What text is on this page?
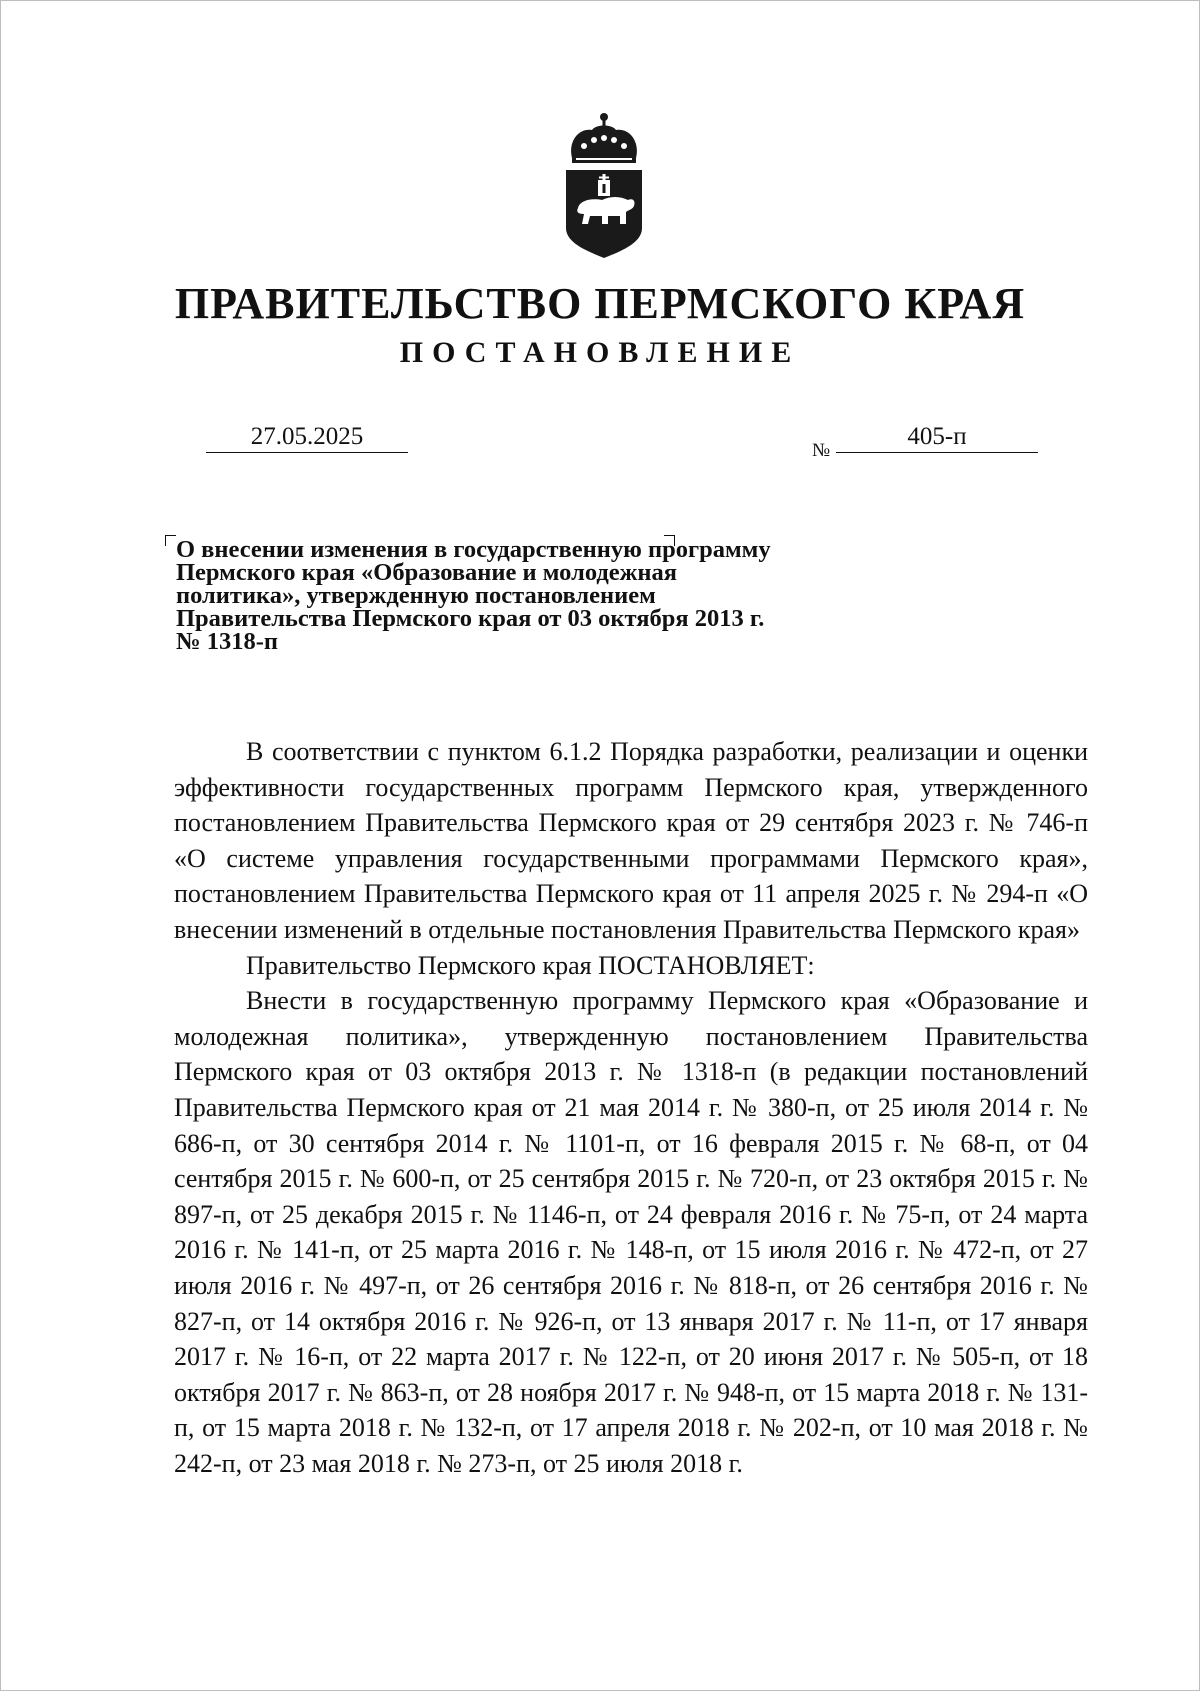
ПРАВИТЕЛЬСТВО ПЕРМСКОГО КРАЯ
ПОСТАНОВЛЕНИЕ
27.05.2025
№
405-п

О внесении изменения в государственную программу Пермского края «Образование и молодежная политика», утвержденную постановлением Правительства Пермского края от 03 октября 2013 г. № 1318-п

В соответствии с пунктом 6.1.2 Порядка разработки, реализации и оценки эффективности государственных программ Пермского края, утвержденного постановлением Правительства Пермского края от 29 сентября 2023 г. № 746-п «О системе управления государственными программами Пермского края», постановлением Правительства Пермского края от 11 апреля 2025 г. № 294-п «О внесении изменений в отдельные постановления Правительства Пермского края»

Правительство Пермского края ПОСТАНОВЛЯЕТ:

Внести в государственную программу Пермского края «Образование и молодежная политика», утвержденную постановлением Правительства Пермского края от 03 октября 2013 г. № 1318-п (в редакции постановлений Правительства Пермского края от 21 мая 2014 г. № 380-п, от 25 июля 2014 г. № 686-п, от 30 сентября 2014 г. № 1101-п, от 16 февраля 2015 г. № 68-п, от 04 сентября 2015 г. № 600-п, от 25 сентября 2015 г. № 720-п, от 23 октября 2015 г. № 897-п, от 25 декабря 2015 г. № 1146-п, от 24 февраля 2016 г. № 75-п, от 24 марта 2016 г. № 141-п, от 25 марта 2016 г. № 148-п, от 15 июля 2016 г. № 472-п, от 27 июля 2016 г. № 497-п, от 26 сентября 2016 г. № 818-п, от 26 сентября 2016 г. № 827-п, от 14 октября 2016 г. № 926-п, от 13 января 2017 г. № 11-п, от 17 января 2017 г. № 16-п, от 22 марта 2017 г. № 122-п, от 20 июня 2017 г. № 505-п, от 18 октября 2017 г. № 863-п, от 28 ноября 2017 г. № 948-п, от 15 марта 2018 г. № 131-п, от 15 марта 2018 г. № 132-п, от 17 апреля 2018 г. № 202-п, от 10 мая 2018 г. № 242-п, от 23 мая 2018 г. № 273-п, от 25 июля 2018 г.
